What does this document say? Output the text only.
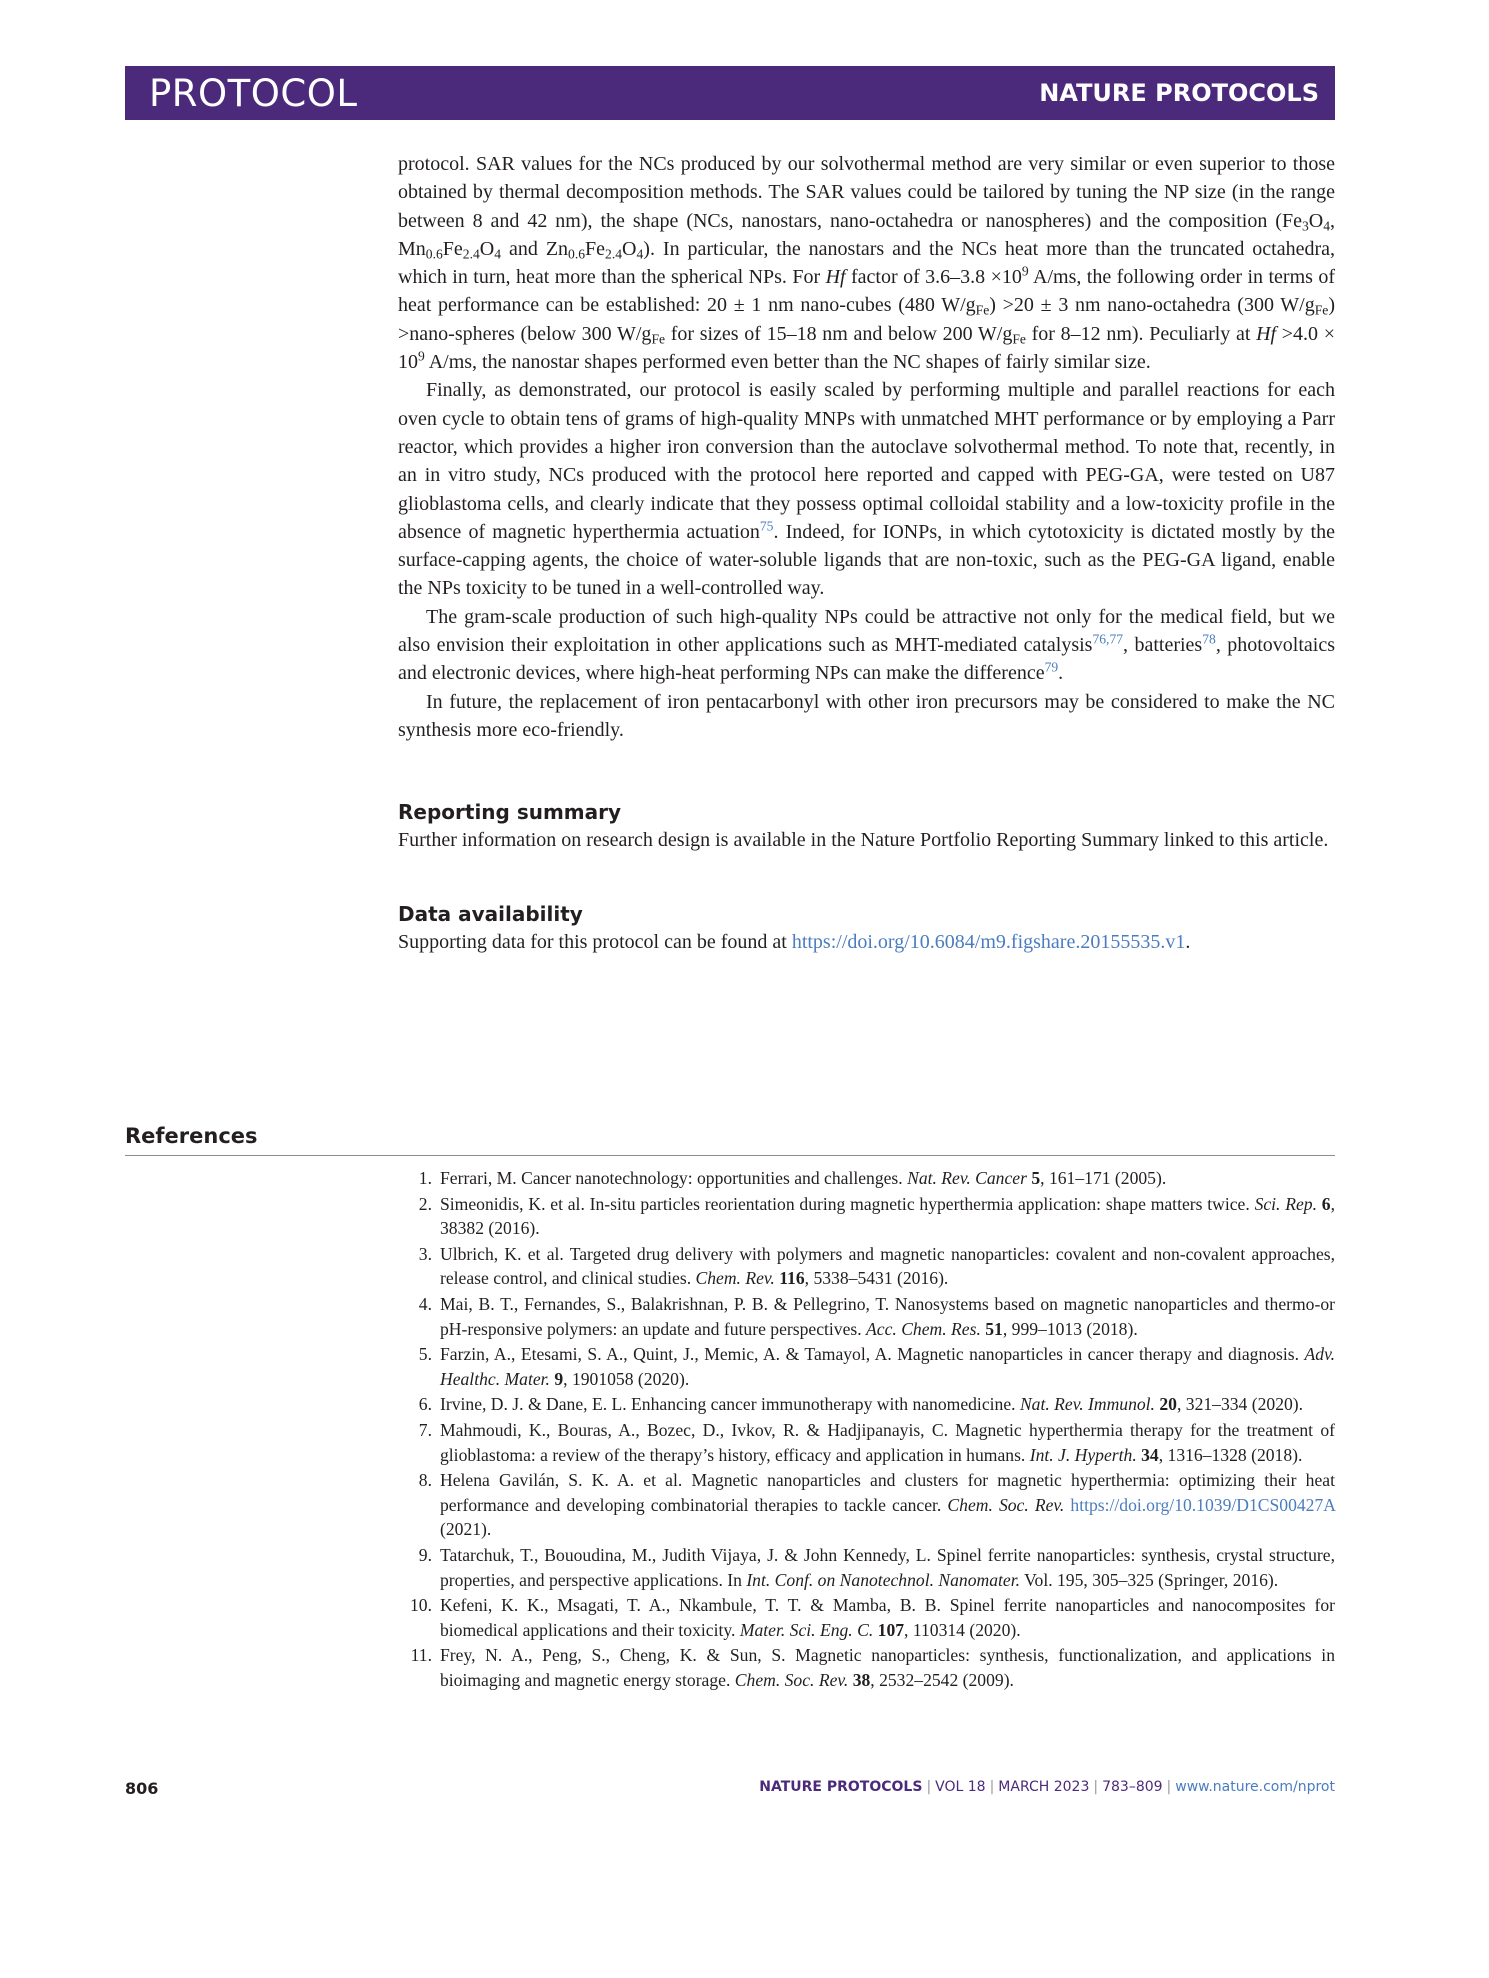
PROTOCOL	NATURE PROTOCOLS

protocol. SAR values for the NCs produced by our solvothermal method are very similar or even superior to those obtained by thermal decomposition methods. The SAR values could be tailored by tuning the NP size (in the range between 8 and 42 nm), the shape (NCs, nanostars, nano-octahedra or nanospheres) and the composition ($Fe_3O_4$, $Mn_{0.6}Fe_{2.4}O_4$ and $Zn_{0.6}Fe_{2.4}O_4$). In particular, the nanostars and the NCs heat more than the truncated octahedra, which in turn, heat more than the spherical NPs. For Hf factor of $3.6-3.8 \times 10^9$ A/ms, the following order in terms of heat performance can be established: 20 ± 1 nm nano-cubes (480 $W/g_{Fe}) >20 \pm 3$ nm nano-octahedra (300 $W/g_{Fe}$) >nano-spheres (below 300 $W/g_{Fe}$ for sizes of 15–18 nm and below 200 $W/g_{Fe}$ for 8–12 nm). Peculiarly at $Hf >4.0 \times 10^9$ A/ms, the nanostar shapes performed even better than the NC shapes of fairly similar size.

Finally, as demonstrated, our protocol is easily scaled by performing multiple and parallel reactions for each oven cycle to obtain tens of grams of high-quality MNPs with unmatched MHT performance or by employing a Parr reactor, which provides a higher iron conversion than the autoclave solvothermal method. To note that, recently, in an in vitro study, NCs produced with the protocol here reported and capped with PEG-GA, were tested on U87 glioblastoma cells, and clearly indicate that they possess optimal colloidal stability and a low-toxicity profile in the absence of magnetic hyperthermia actuation$^{75}$. Indeed, for IONPs, in which cytotoxicity is dictated mostly by the surface-capping agents, the choice of water-soluble ligands that are non-toxic, such as the PEG-GA ligand, enable the NPs toxicity to be tuned in a well-controlled way.

The gram-scale production of such high-quality NPs could be attractive not only for the medical field, but we also envision their exploitation in other applications such as MHT-mediated catalysis$^{76,77}$, batteries$^{78}$, photovoltaics and electronic devices, where high-heat performing NPs can make the difference$^{79}$.

In future, the replacement of iron pentacarbonyl with other iron precursors may be considered to make the NC synthesis more eco-friendly.

Reporting summary

Further information on research design is available in the Nature Portfolio Reporting Summary linked to this article.

Data availability

Supporting data for this protocol can be found at https://doi.org/10.6084/m9.figshare.20155535.v1.

References
1. Ferrari, M. Cancer nanotechnology: opportunities and challenges. Nat. Rev. Cancer 5, 161–171 (2005).
2. Simeonidis, K. et al. In-situ particles reorientation during magnetic hyperthermia application: shape matters twice. Sci. Rep. 6, 38382 (2016).
3. Ulbrich, K. et al. Targeted drug delivery with polymers and magnetic nanoparticles: covalent and non-covalent approaches, release control, and clinical studies. Chem. Rev. 116, 5338–5431 (2016).
4. Mai, B. T., Fernandes, S., Balakrishnan, P. B. & Pellegrino, T. Nanosystems based on magnetic nanoparticles and thermo-or pH-responsive polymers: an update and future perspectives. Acc. Chem. Res. 51, 999–1013 (2018).
5. Farzin, A., Etesami, S. A., Quint, J., Memic, A. & Tamayol, A. Magnetic nanoparticles in cancer therapy and diagnosis. Adv. Healthc. Mater. 9, 1901058 (2020).
6. Irvine, D. J. & Dane, E. L. Enhancing cancer immunotherapy with nanomedicine. Nat. Rev. Immunol. 20, 321–334 (2020).
7. Mahmoudi, K., Bouras, A., Bozec, D., Ivkov, R. & Hadjipanayis, C. Magnetic hyperthermia therapy for the treatment of glioblastoma: a review of the therapy’s history, efficacy and application in humans. Int. J. Hyperth. 34, 1316–1328 (2018).
8. Helena Gavilán, S. K. A. et al. Magnetic nanoparticles and clusters for magnetic hyperthermia: optimizing their heat performance and developing combinatorial therapies to tackle cancer. Chem. Soc. Rev. https://doi.org/10.1039/D1CS00427A (2021).
9. Tatarchuk, T., Bououdina, M., Judith Vijaya, J. & John Kennedy, L. Spinel ferrite nanoparticles: synthesis, crystal structure, properties, and perspective applications. In Int. Conf. on Nanotechnol. Nanomater. Vol. 195, 305–325 (Springer, 2016).
10. Kefeni, K. K., Msagati, T. A., Nkambule, T. T. & Mamba, B. B. Spinel ferrite nanoparticles and nanocomposites for biomedical applications and their toxicity. Mater. Sci. Eng. C. 107, 110314 (2020).
11. Frey, N. A., Peng, S., Cheng, K. & Sun, S. Magnetic nanoparticles: synthesis, functionalization, and applications in bioimaging and magnetic energy storage. Chem. Soc. Rev. 38, 2532–2542 (2009).
806	NATURE PROTOCOLS | VOL 18 | MARCH 2023 | 783–809 | www.nature.com/nprot
